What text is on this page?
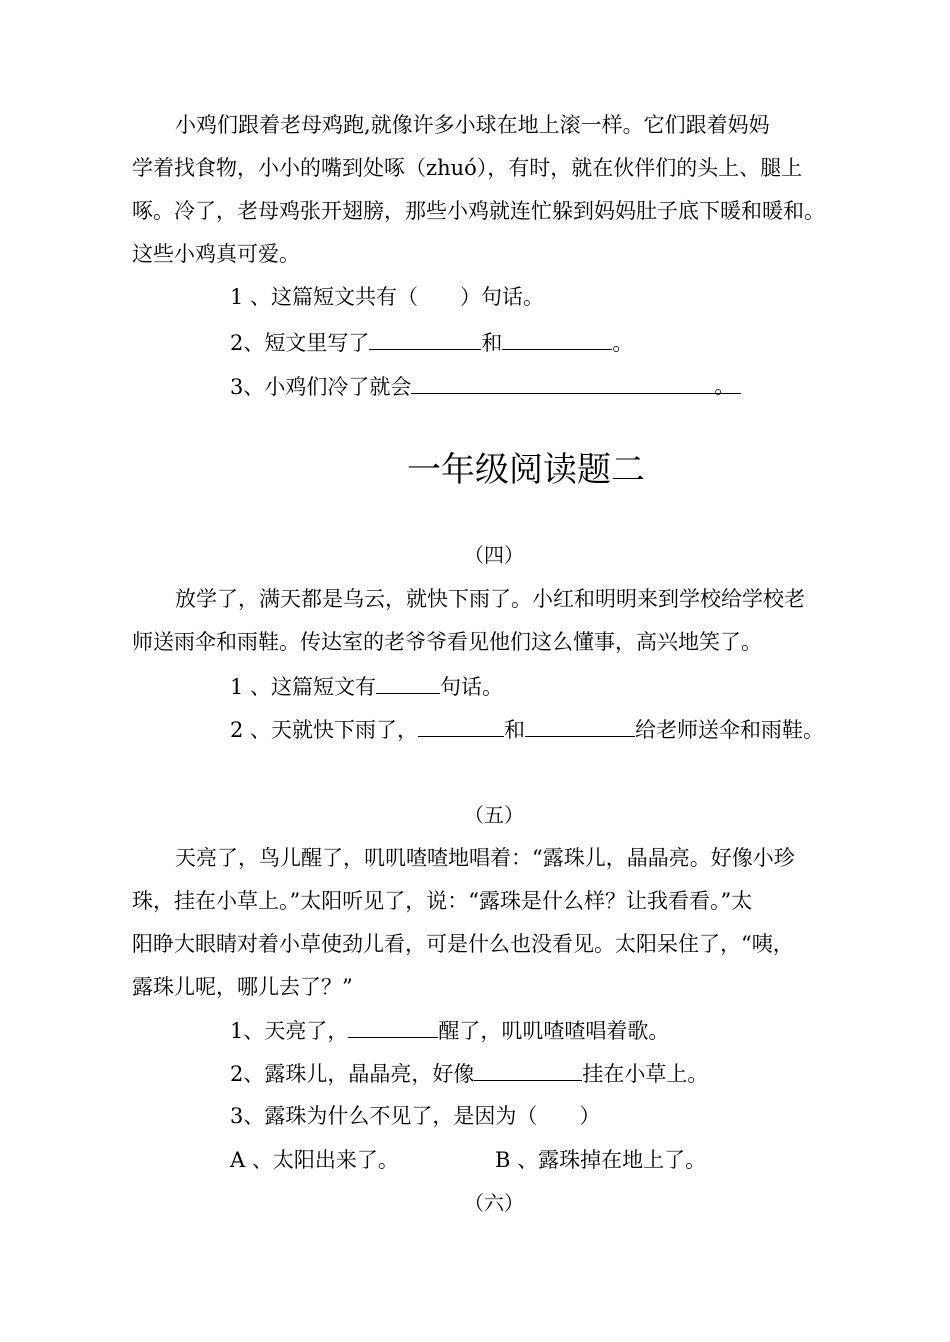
小鸡们跟着老母鸡跑,就像许多小球在地上滚一样。它们跟着妈妈
学着找食物，小小的嘴到处啄（zhuó），有时，就在伙伴们的头上、腿上
啄。冷了，老母鸡张开翅膀，那些小鸡就连忙躲到妈妈肚子底下暖和暖和。
这些小鸡真可爱。
1 、这篇短文共有（　　）句话。
2、短文里写了	和	。
3、小鸡们冷了就会	。
一年级阅读题二
（四）
放学了，满天都是乌云，就快下雨了。小红和明明来到学校给学校老
师送雨伞和雨鞋。传达室的老爷爷看见他们这么懂事，高兴地笑了。
1 、这篇短文有	句话。
2 、天就快下雨了，	和	给老师送伞和雨鞋。
（五）
天亮了，鸟儿醒了，叽叽喳喳地唱着：“露珠儿，晶晶亮。好像小珍
珠，挂在小草上。”太阳听见了，说：“露珠是什么样？让我看看。”太
阳睁大眼睛对着小草使劲儿看，可是什么也没看见。太阳呆住了，“咦，
露珠儿呢，哪儿去了？”
1、天亮了，	醒了，叽叽喳喳唱着歌。
2、露珠儿，晶晶亮，好像	挂在小草上。
3、露珠为什么不见了，是因为（　　）
A 、太阳出来了。	B 、露珠掉在地上了。
（六）
